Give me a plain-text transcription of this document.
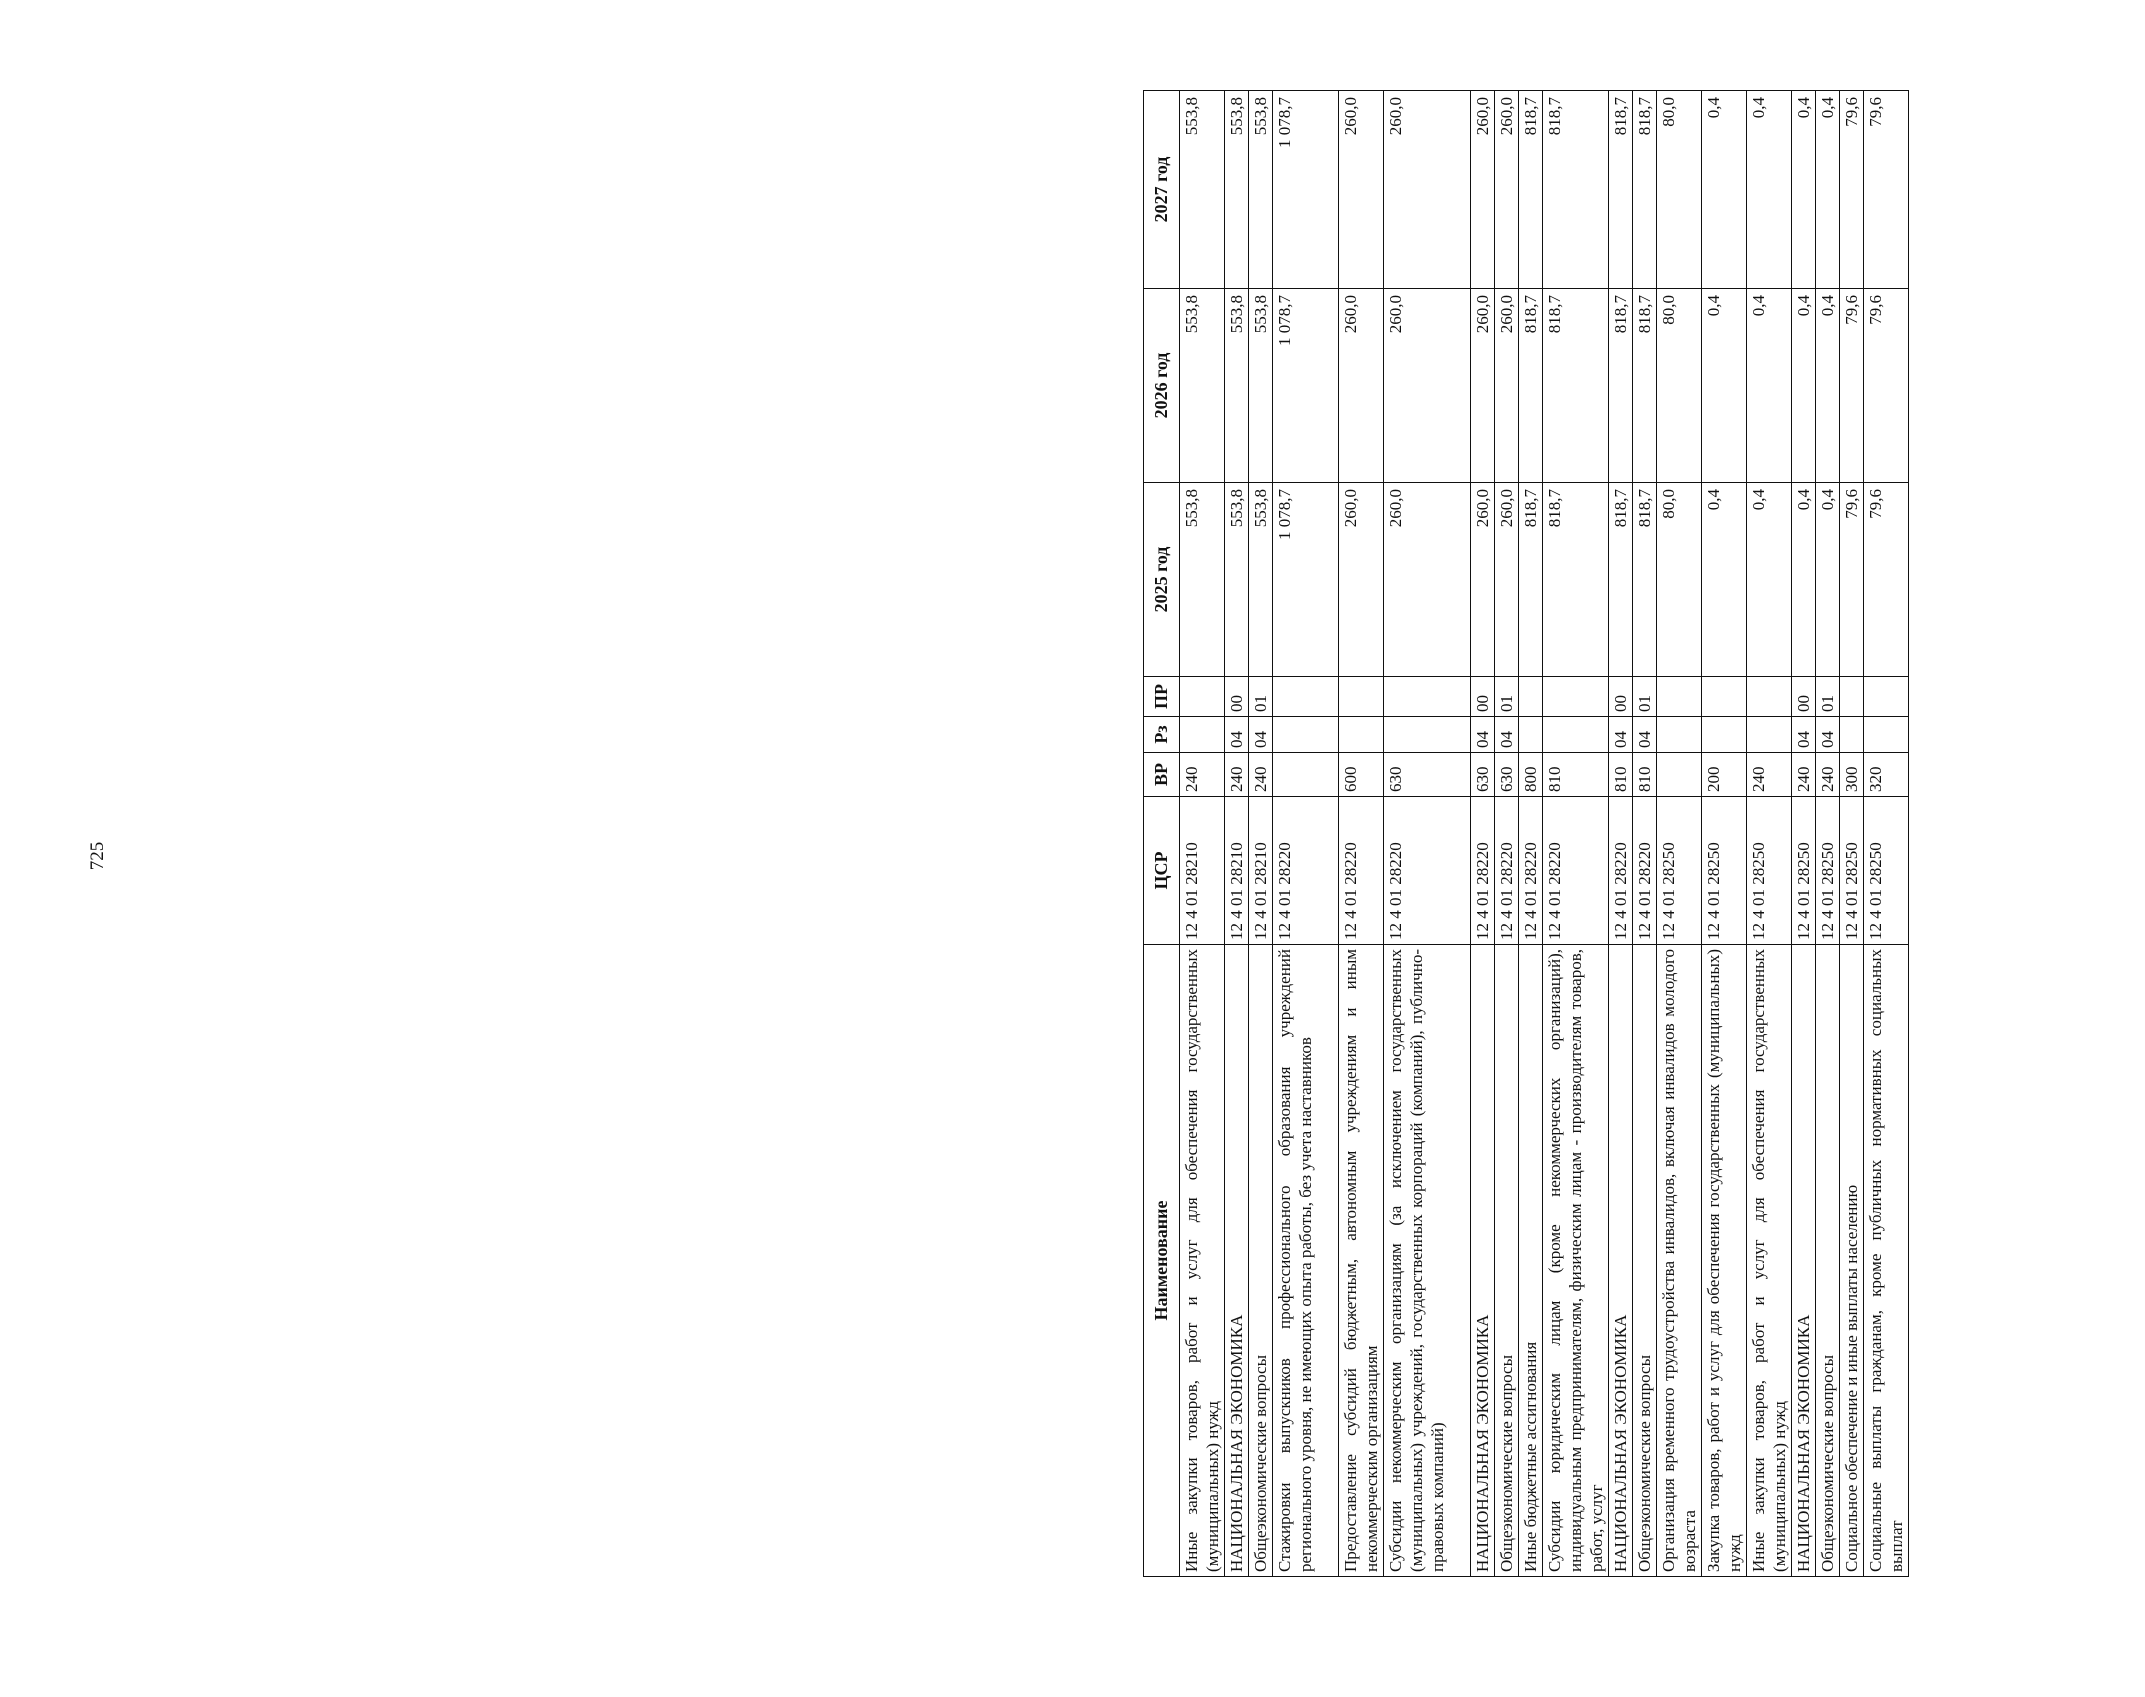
725
Наименование	ЦСР	ВР	Рз	ПР	2025 год	2026 год	2027 год
Иные закупки товаров, работ и услуг для обеспечения государственных (муниципальных) нужд	12 4 01 28210	240			553,8	553,8	553,8
НАЦИОНАЛЬНАЯ ЭКОНОМИКА	12 4 01 28210	240	04	00	553,8	553,8	553,8
Общеэкономические вопросы	12 4 01 28210	240	04	01	553,8	553,8	553,8
Стажировки выпускников профессионального образования учреждений регионального уровня, не имеющих опыта работы, без учета наставников	12 4 01 28220				1 078,7	1 078,7	1 078,7
Предоставление субсидий бюджетным, автономным учреждениям и иным некоммерческим организациям	12 4 01 28220	600			260,0	260,0	260,0
Субсидии некоммерческим организациям (за исключением государственных (муниципальных) учреждений, государственных корпораций (компаний), публично-правовых компаний)	12 4 01 28220	630			260,0	260,0	260,0
НАЦИОНАЛЬНАЯ ЭКОНОМИКА	12 4 01 28220	630	04	00	260,0	260,0	260,0
Общеэкономические вопросы	12 4 01 28220	630	04	01	260,0	260,0	260,0
Иные бюджетные ассигнования	12 4 01 28220	800			818,7	818,7	818,7
Субсидии юридическим лицам (кроме некоммерческих организаций), индивидуальным предпринимателям, физическим лицам - производителям товаров, работ, услуг	12 4 01 28220	810			818,7	818,7	818,7
НАЦИОНАЛЬНАЯ ЭКОНОМИКА	12 4 01 28220	810	04	00	818,7	818,7	818,7
Общеэкономические вопросы	12 4 01 28220	810	04	01	818,7	818,7	818,7
Организация временного трудоустройства инвалидов, включая инвалидов молодого возраста	12 4 01 28250				80,0	80,0	80,0
Закупка товаров, работ и услуг для обеспечения государственных (муниципальных) нужд	12 4 01 28250	200			0,4	0,4	0,4
Иные закупки товаров, работ и услуг для обеспечения государственных (муниципальных) нужд	12 4 01 28250	240			0,4	0,4	0,4
НАЦИОНАЛЬНАЯ ЭКОНОМИКА	12 4 01 28250	240	04	00	0,4	0,4	0,4
Общеэкономические вопросы	12 4 01 28250	240	04	01	0,4	0,4	0,4
Социальное обеспечение и иные выплаты населению	12 4 01 28250	300			79,6	79,6	79,6
Социальные выплаты гражданам, кроме публичных нормативных социальных выплат	12 4 01 28250	320			79,6	79,6	79,6
